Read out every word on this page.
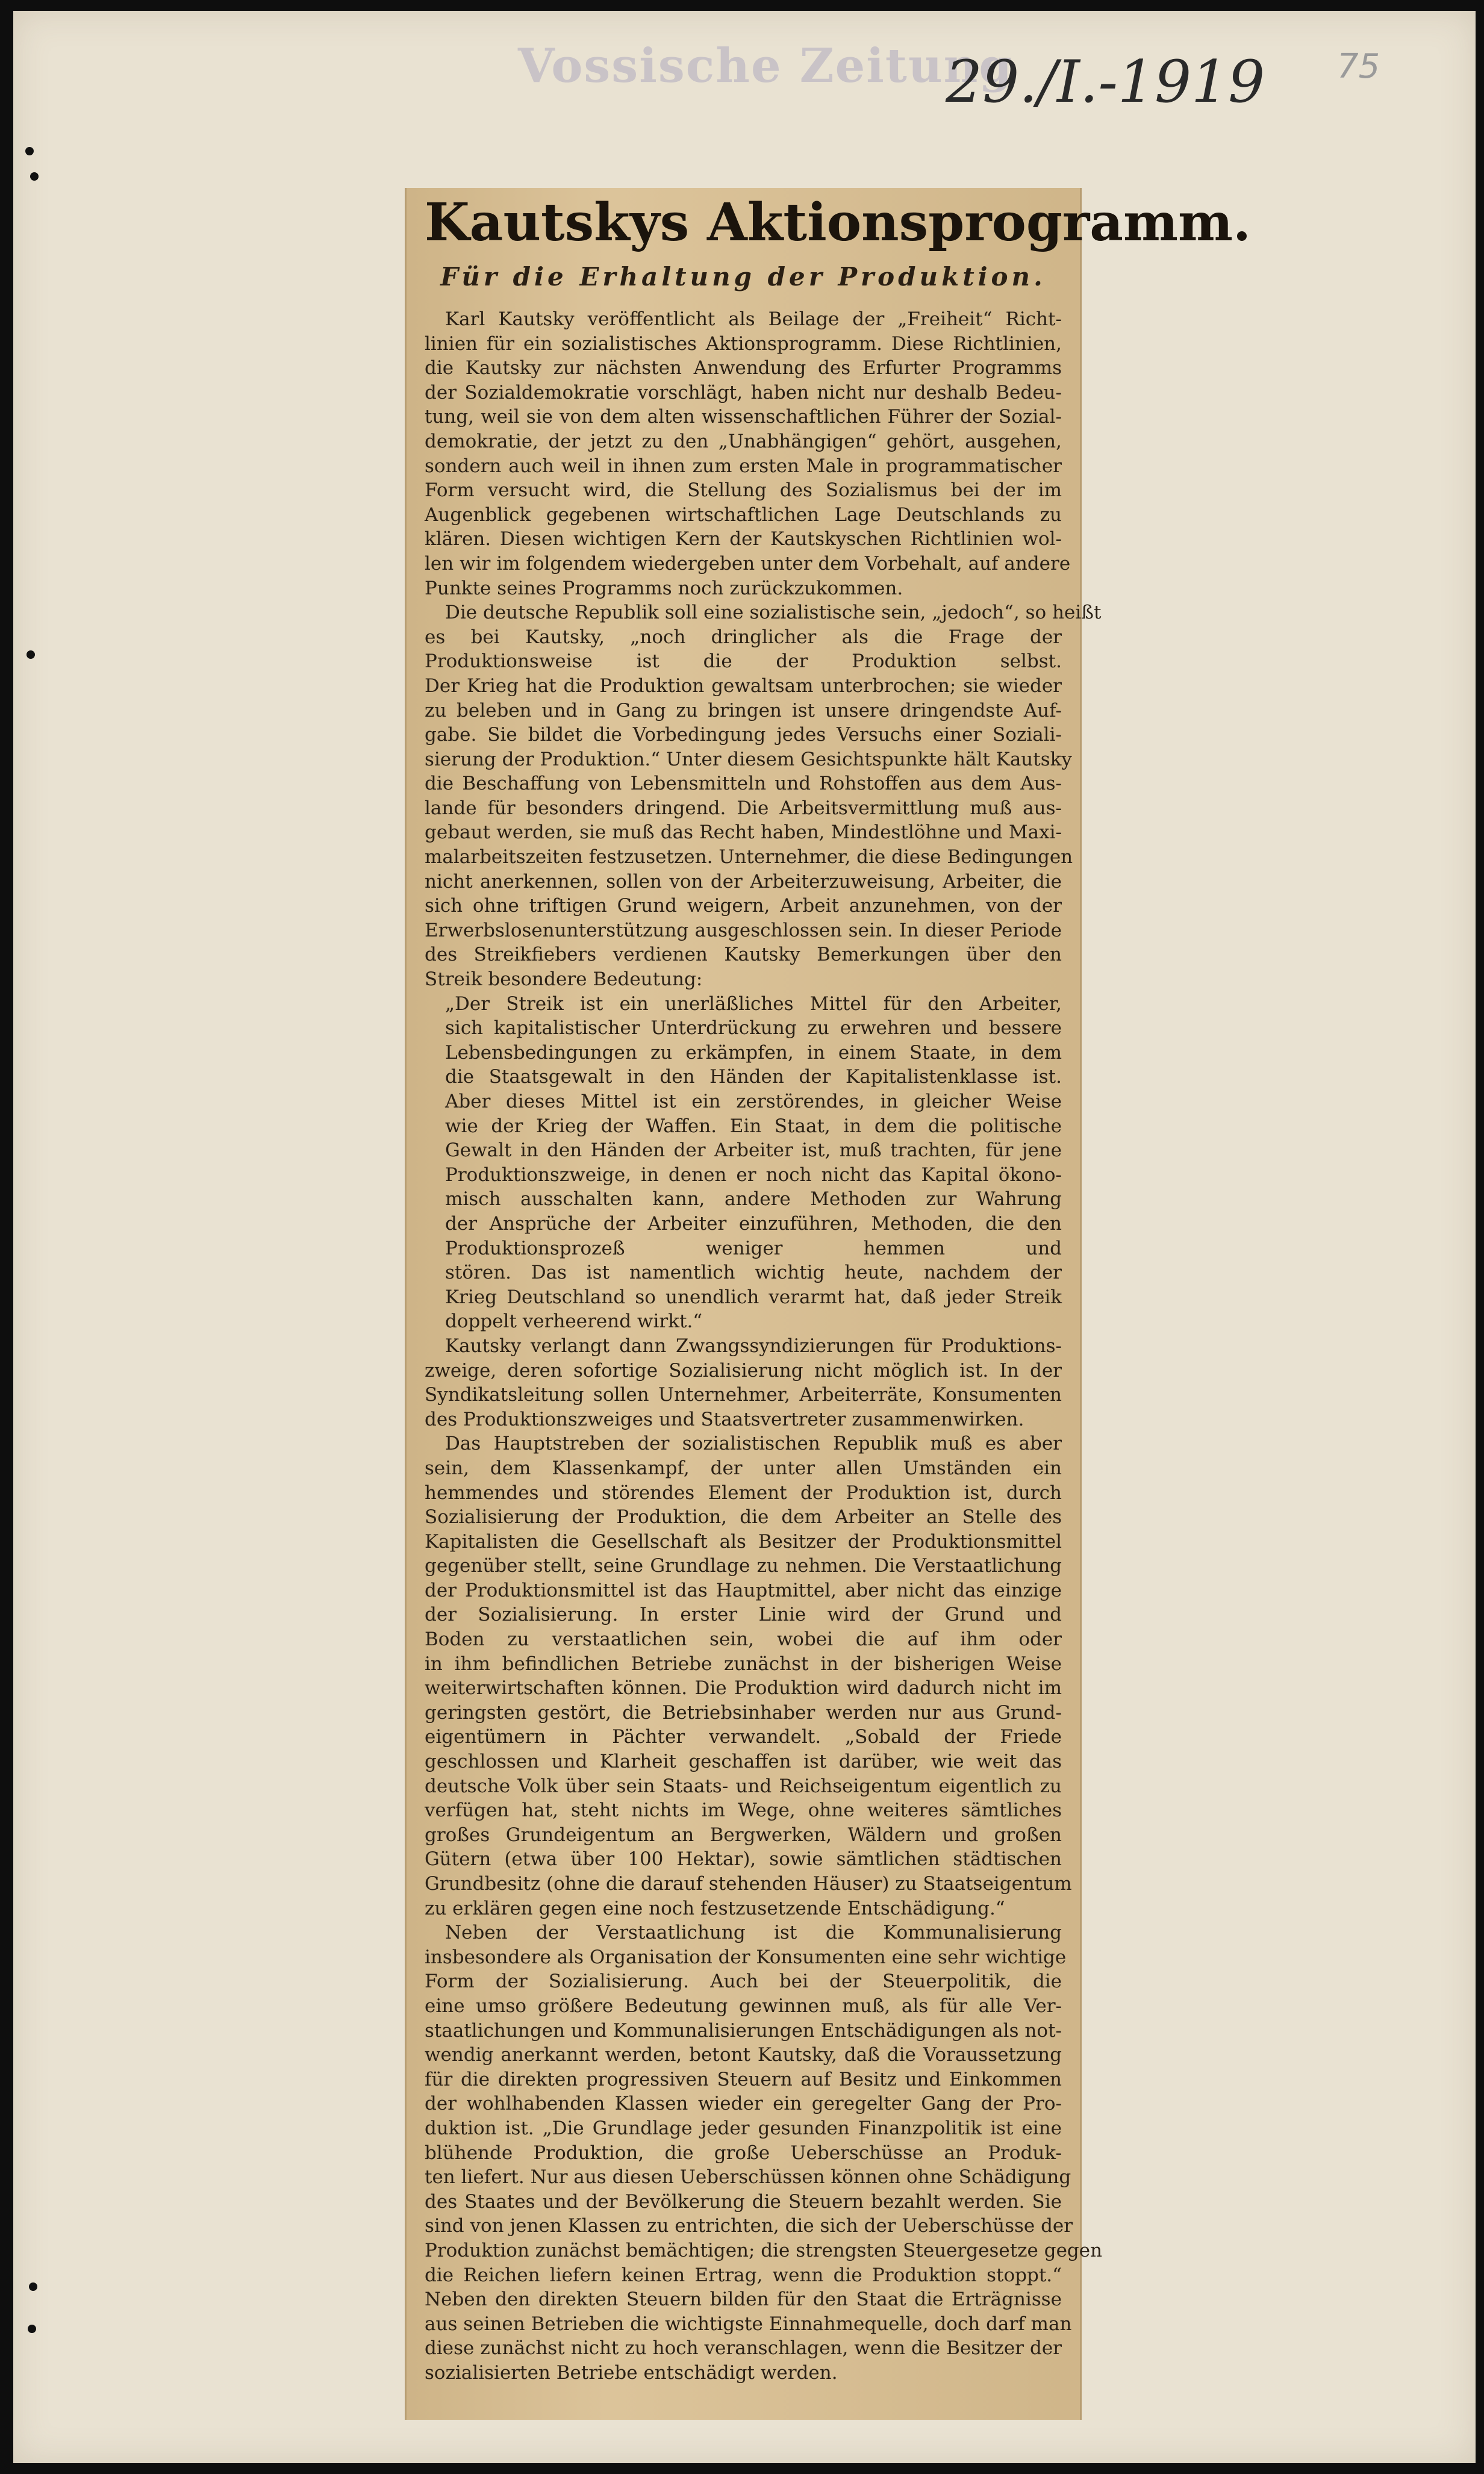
Vossische Zeitung

29./I.-1919 75

Kautskys Aktionsprogramm.
Für die Erhaltung der Produktion.

Karl Kautsky veröffentlicht als Beilage der „Freiheit“ Richt-

linien für ein sozialistisches Aktionsprogramm. Diese Richtlinien,

die Kautsky zur nächsten Anwendung des Erfurter Programms

der Sozialdemokratie vorschlägt, haben nicht nur deshalb Bedeu-

tung, weil sie von dem alten wissenschaftlichen Führer der Sozial-

demokratie, der jetzt zu den „Unabhängigen“ gehört, ausgehen,

sondern auch weil in ihnen zum ersten Male in programmatischer

Form versucht wird, die Stellung des Sozialismus bei der im

Augenblick gegebenen wirtschaftlichen Lage Deutschlands zu

klären. Diesen wichtigen Kern der Kautskyschen Richtlinien wol-

len wir im folgendem wiedergeben unter dem Vorbehalt, auf andere

Punkte seines Programms noch zurückzukommen.

Die deutsche Republik soll eine sozialistische sein, „jedoch“, so heißt

es bei Kautsky, „noch dringlicher als die Frage der

Produktionsweise ist die der Produktion selbst.

Der Krieg hat die Produktion gewaltsam unterbrochen; sie wieder

zu beleben und in Gang zu bringen ist unsere dringendste Auf-

gabe. Sie bildet die Vorbedingung jedes Versuchs einer Soziali-

sierung der Produktion.“ Unter diesem Gesichtspunkte hält Kautsky

die Beschaffung von Lebensmitteln und Rohstoffen aus dem Aus-

lande für besonders dringend. Die Arbeitsvermittlung muß aus-

gebaut werden, sie muß das Recht haben, Mindestlöhne und Maxi-

malarbeitszeiten festzusetzen. Unternehmer, die diese Bedingungen

nicht anerkennen, sollen von der Arbeiterzuweisung, Arbeiter, die

sich ohne triftigen Grund weigern, Arbeit anzunehmen, von der

Erwerbslosenunterstützung ausgeschlossen sein. In dieser Periode

des Streikfiebers verdienen Kautsky Bemerkungen über den

Streik besondere Bedeutung:

„Der Streik ist ein unerläßliches Mittel für den Arbeiter,

sich kapitalistischer Unterdrückung zu erwehren und bessere

Lebensbedingungen zu erkämpfen, in einem Staate, in dem

die Staatsgewalt in den Händen der Kapitalistenklasse ist.

Aber dieses Mittel ist ein zerstörendes, in gleicher Weise

wie der Krieg der Waffen. Ein Staat, in dem die politische

Gewalt in den Händen der Arbeiter ist, muß trachten, für jene

Produktionszweige, in denen er noch nicht das Kapital ökono-

misch ausschalten kann, andere Methoden zur Wahrung

der Ansprüche der Arbeiter einzuführen, Methoden, die den

Produktionsprozeß weniger hemmen und

stören. Das ist namentlich wichtig heute, nachdem der

Krieg Deutschland so unendlich verarmt hat, daß jeder Streik

doppelt verheerend wirkt.“

Kautsky verlangt dann Zwangssyndizierungen für Produktions-

zweige, deren sofortige Sozialisierung nicht möglich ist. In der

Syndikatsleitung sollen Unternehmer, Arbeiterräte, Konsumenten

des Produktionszweiges und Staatsvertreter zusammenwirken.

Das Hauptstreben der sozialistischen Republik muß es aber

sein, dem Klassenkampf, der unter allen Umständen ein

hemmendes und störendes Element der Produktion ist, durch

Sozialisierung der Produktion, die dem Arbeiter an Stelle des

Kapitalisten die Gesellschaft als Besitzer der Produktionsmittel

gegenüber stellt, seine Grundlage zu nehmen. Die Verstaatlichung

der Produktionsmittel ist das Hauptmittel, aber nicht das einzige

der Sozialisierung. In erster Linie wird der Grund und

Boden zu verstaatlichen sein, wobei die auf ihm oder

in ihm befindlichen Betriebe zunächst in der bisherigen Weise

weiterwirtschaften können. Die Produktion wird dadurch nicht im

geringsten gestört, die Betriebsinhaber werden nur aus Grund-

eigentümern in Pächter verwandelt. „Sobald der Friede

geschlossen und Klarheit geschaffen ist darüber, wie weit das

deutsche Volk über sein Staats- und Reichseigentum eigentlich zu

verfügen hat, steht nichts im Wege, ohne weiteres sämtliches

großes Grundeigentum an Bergwerken, Wäldern und großen

Gütern (etwa über 100 Hektar), sowie sämtlichen städtischen

Grundbesitz (ohne die darauf stehenden Häuser) zu Staatseigentum

zu erklären gegen eine noch festzusetzende Entschädigung.“

Neben der Verstaatlichung ist die Kommunalisierung

insbesondere als Organisation der Konsumenten eine sehr wichtige

Form der Sozialisierung. Auch bei der Steuerpolitik, die

eine umso größere Bedeutung gewinnen muß, als für alle Ver-

staatlichungen und Kommunalisierungen Entschädigungen als not-

wendig anerkannt werden, betont Kautsky, daß die Voraussetzung

für die direkten progressiven Steuern auf Besitz und Einkommen

der wohlhabenden Klassen wieder ein geregelter Gang der Pro-

duktion ist. „Die Grundlage jeder gesunden Finanzpolitik ist eine

blühende Produktion, die große Ueberschüsse an Produk-

ten liefert. Nur aus diesen Ueberschüssen können ohne Schädigung

des Staates und der Bevölkerung die Steuern bezahlt werden. Sie

sind von jenen Klassen zu entrichten, die sich der Ueberschüsse der

Produktion zunächst bemächtigen; die strengsten Steuergesetze gegen

die Reichen liefern keinen Ertrag, wenn die Produktion stoppt.“

Neben den direkten Steuern bilden für den Staat die Erträgnisse

aus seinen Betrieben die wichtigste Einnahmequelle, doch darf man

diese zunächst nicht zu hoch veranschlagen, wenn die Besitzer der

sozialisierten Betriebe entschädigt werden.
